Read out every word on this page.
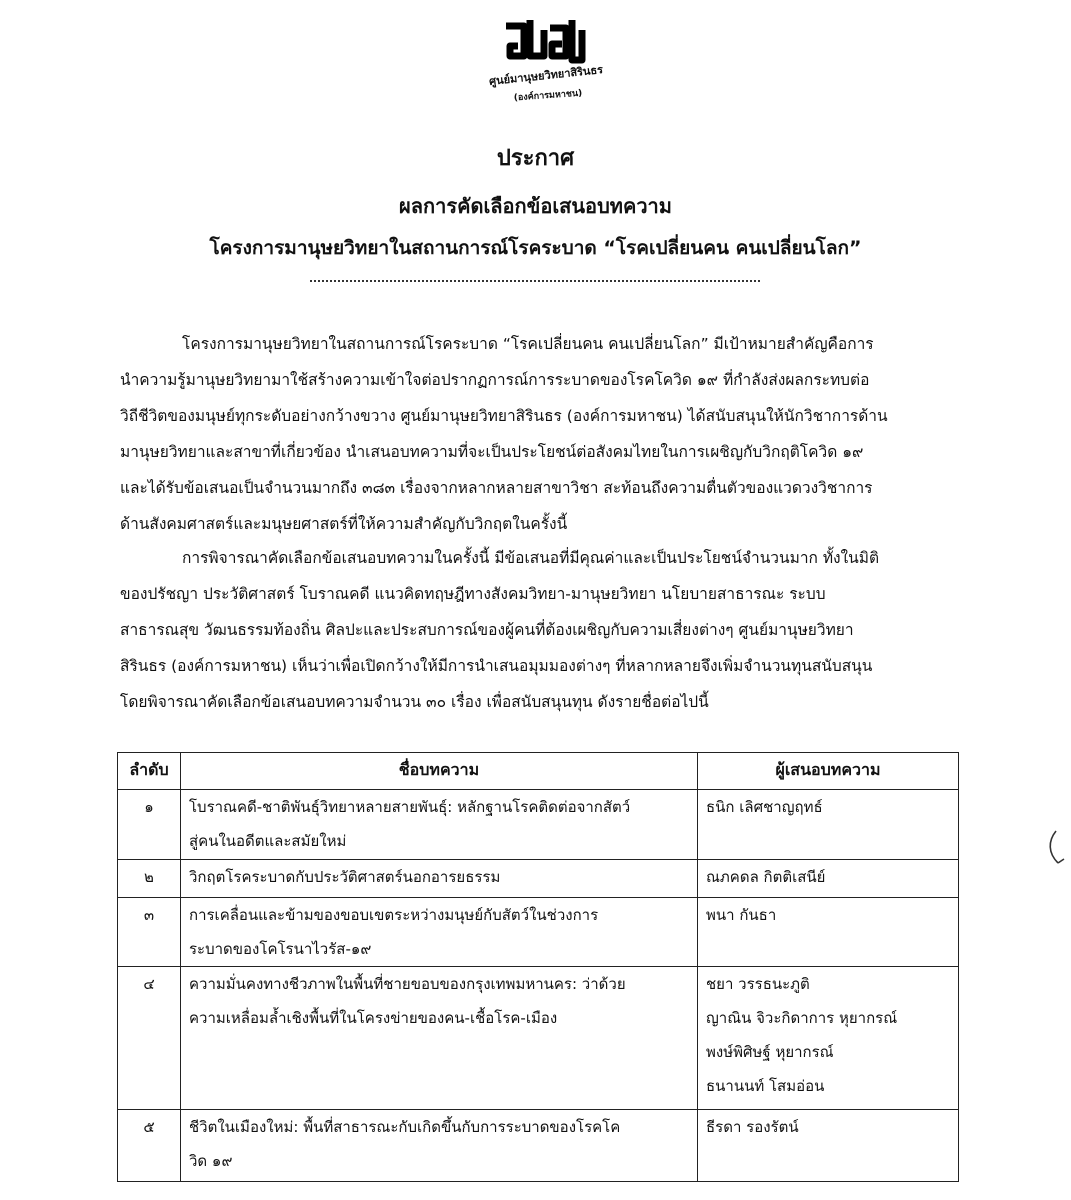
ศูนย์มานุษยวิทยาสิรินธร
(องค์การมหาชน)
ประกาศ
ผลการคัดเลือกข้อเสนอบทความ
โครงการมานุษยวิทยาในสถานการณ์โรคระบาด “โรคเปลี่ยนคน คนเปลี่ยนโลก”
โครงการมานุษยวิทยาในสถานการณ์โรคระบาด “โรคเปลี่ยนคน คนเปลี่ยนโลก” มีเป้าหมายสำคัญคือการ
นำความรู้มานุษยวิทยามาใช้สร้างความเข้าใจต่อปรากฏการณ์การระบาดของโรคโควิด ๑๙ ที่กำลังส่งผลกระทบต่อ
วิถีชีวิตของมนุษย์ทุกระดับอย่างกว้างขวาง ศูนย์มานุษยวิทยาสิรินธร (องค์การมหาชน) ได้สนับสนุนให้นักวิชาการด้าน
มานุษยวิทยาและสาขาที่เกี่ยวข้อง นำเสนอบทความที่จะเป็นประโยชน์ต่อสังคมไทยในการเผชิญกับวิกฤติโควิด ๑๙
และได้รับข้อเสนอเป็นจำนวนมากถึง ๓๘๓ เรื่องจากหลากหลายสาขาวิชา สะท้อนถึงความตื่นตัวของแวดวงวิชาการ
ด้านสังคมศาสตร์และมนุษยศาสตร์ที่ให้ความสำคัญกับวิกฤตในครั้งนี้
การพิจารณาคัดเลือกข้อเสนอบทความในครั้งนี้ มีข้อเสนอที่มีคุณค่าและเป็นประโยชน์จำนวนมาก ทั้งในมิติ
ของปรัชญา ประวัติศาสตร์ โบราณคดี แนวคิดทฤษฎีทางสังคมวิทยา-มานุษยวิทยา นโยบายสาธารณะ ระบบ
สาธารณสุข วัฒนธรรมท้องถิ่น ศิลปะและประสบการณ์ของผู้คนที่ต้องเผชิญกับความเสี่ยงต่างๆ ศูนย์มานุษยวิทยา
สิรินธร (องค์การมหาชน) เห็นว่าเพื่อเปิดกว้างให้มีการนำเสนอมุมมองต่างๆ ที่หลากหลายจึงเพิ่มจำนวนทุนสนับสนุน
โดยพิจารณาคัดเลือกข้อเสนอบทความจำนวน ๓๐ เรื่อง เพื่อสนับสนุนทุน ดังรายชื่อต่อไปนี้
ลำดับ	ชื่อบทความ	ผู้เสนอบทความ
๑	โบราณคดี-ชาติพันธุ์วิทยาหลายสายพันธุ์: หลักฐานโรคติดต่อจากสัตว์
สู่คนในอดีตและสมัยใหม่	ธนิก เลิศชาญฤทธ์

๒	วิกฤตโรคระบาดกับประวัติศาสตร์นอกอารยธรรม	ณภคดล กิตติเสนีย์

๓	การเคลื่อนและข้ามของขอบเขตระหว่างมนุษย์กับสัตว์ในช่วงการ
ระบาดของโคโรนาไวรัส-๑๙	พนา กันธา

๔	ความมั่นคงทางชีวภาพในพื้นที่ชายขอบของกรุงเทพมหานคร: ว่าด้วย
ความเหลื่อมล้ำเชิงพื้นที่ในโครงข่ายของคน-เชื้อโรค-เมือง	ชยา วรรธนะภูติ
ญาณิน จิวะกิดาการ หุยากรณ์
พงษ์พิศิษฐ์ หุยากรณ์
ธนานนท์ โสมอ่อน

๕	ชีวิตในเมืองใหม่: พื้นที่สาธารณะกับเกิดขึ้นกับการระบาดของโรคโค
วิด ๑๙	ธีรดา รองรัตน์
